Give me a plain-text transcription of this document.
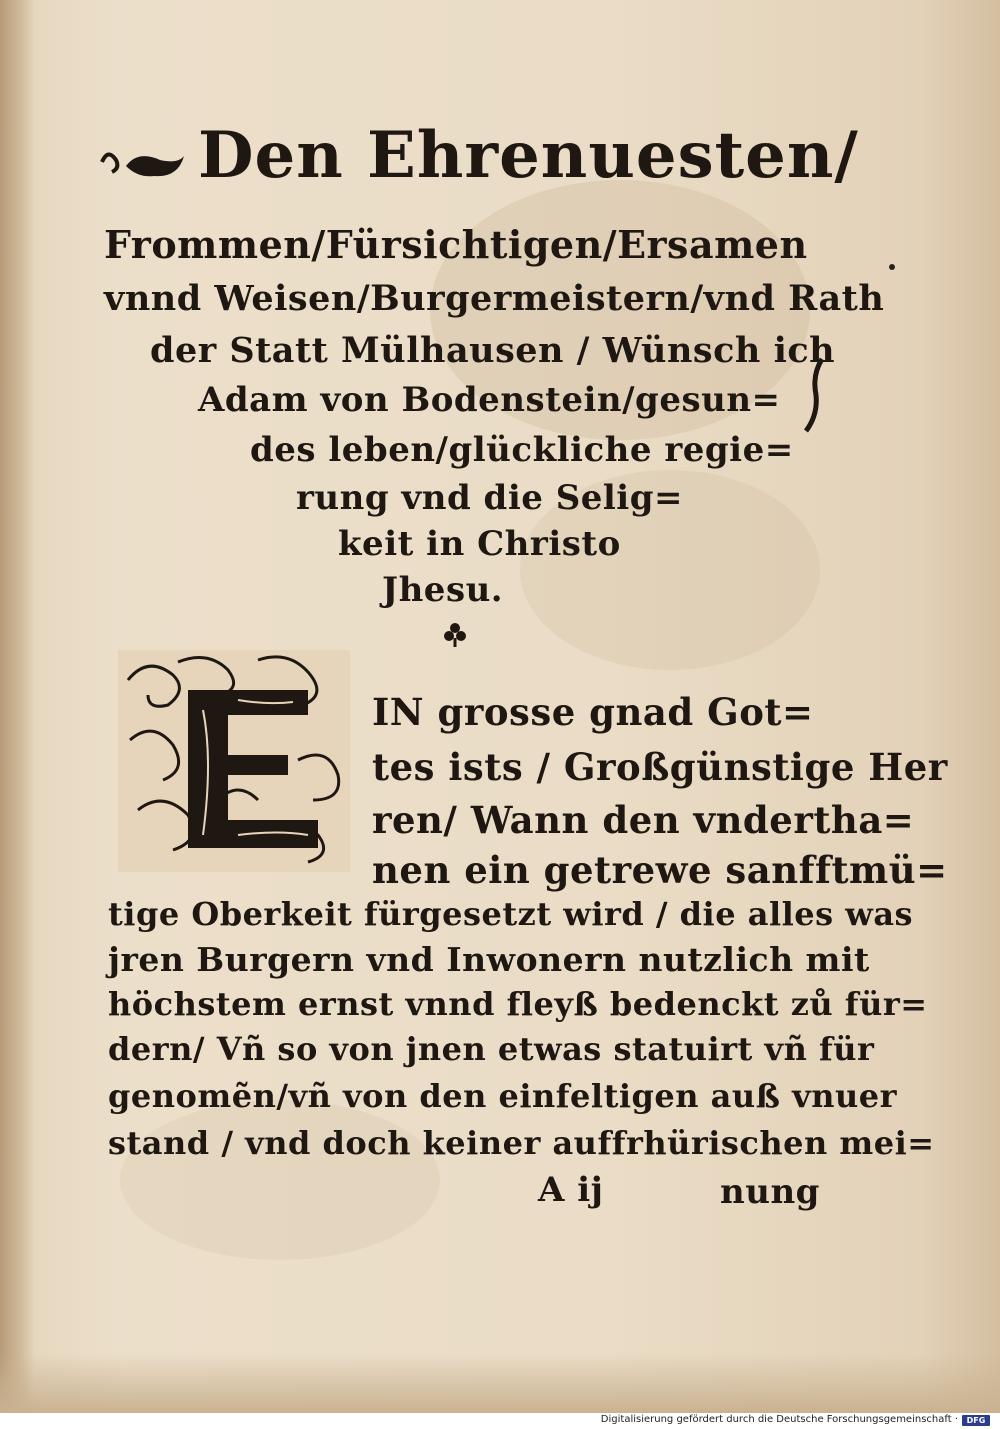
Den Ehrenuesten/
Frommen/Fürsichtigen/Ersamen
vnnd Weisen/Burgermeistern/vnd Rath
der Statt Mülhausen / Wünsch ich
Adam von Bodenstein/gesun=
des leben/glückliche regie=
rung vnd die Selig=
keit in Christo
Jhesu.
IN grosse gnad Got=
tes ists / Großgünstige Her
ren/ Wann den vndertha=
nen ein getrewe sanfftmü=
tige Oberkeit fürgesetzt wird / die alles was
jren Burgern vnd Inwonern nutzlich mit
höchstem ernst vnnd fleyß bedenckt zů für=
dern/ Vñ so von jnen etwas statuirt vñ für
genomẽn/vñ von den einfeltigen auß vnuer
stand / vnd doch keiner auffrhürischen mei=
A ij	nung
Digitalisierung gefördert durch die Deutsche Forschungsgemeinschaft ·	DFG
